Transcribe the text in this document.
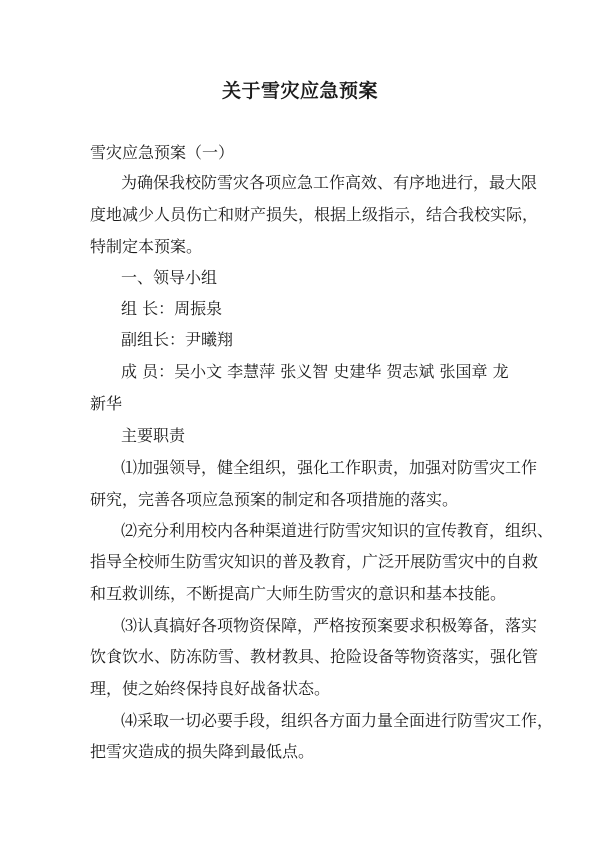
关于雪灾应急预案

雪灾应急预案（一）

为确保我校防雪灾各项应急工作高效、有序地进行，最大限

度地减少人员伤亡和财产损失，根据上级指示，结合我校实际，

特制定本预案。

一、领导小组

组 长：周振泉

副组长：尹曦翔

成 员：吴小文 李慧萍 张义智 史建华 贺志斌 张国章 龙

新华

主要职责

⑴加强领导，健全组织，强化工作职责，加强对防雪灾工作

研究，完善各项应急预案的制定和各项措施的落实。

⑵充分利用校内各种渠道进行防雪灾知识的宣传教育，组织、

指导全校师生防雪灾知识的普及教育，广泛开展防雪灾中的自救

和互救训练，不断提高广大师生防雪灾的意识和基本技能。

⑶认真搞好各项物资保障，严格按预案要求积极筹备，落实

饮食饮水、防冻防雪、教材教具、抢险设备等物资落实，强化管

理，使之始终保持良好战备状态。

⑷采取一切必要手段，组织各方面力量全面进行防雪灾工作，

把雪灾造成的损失降到最低点。
